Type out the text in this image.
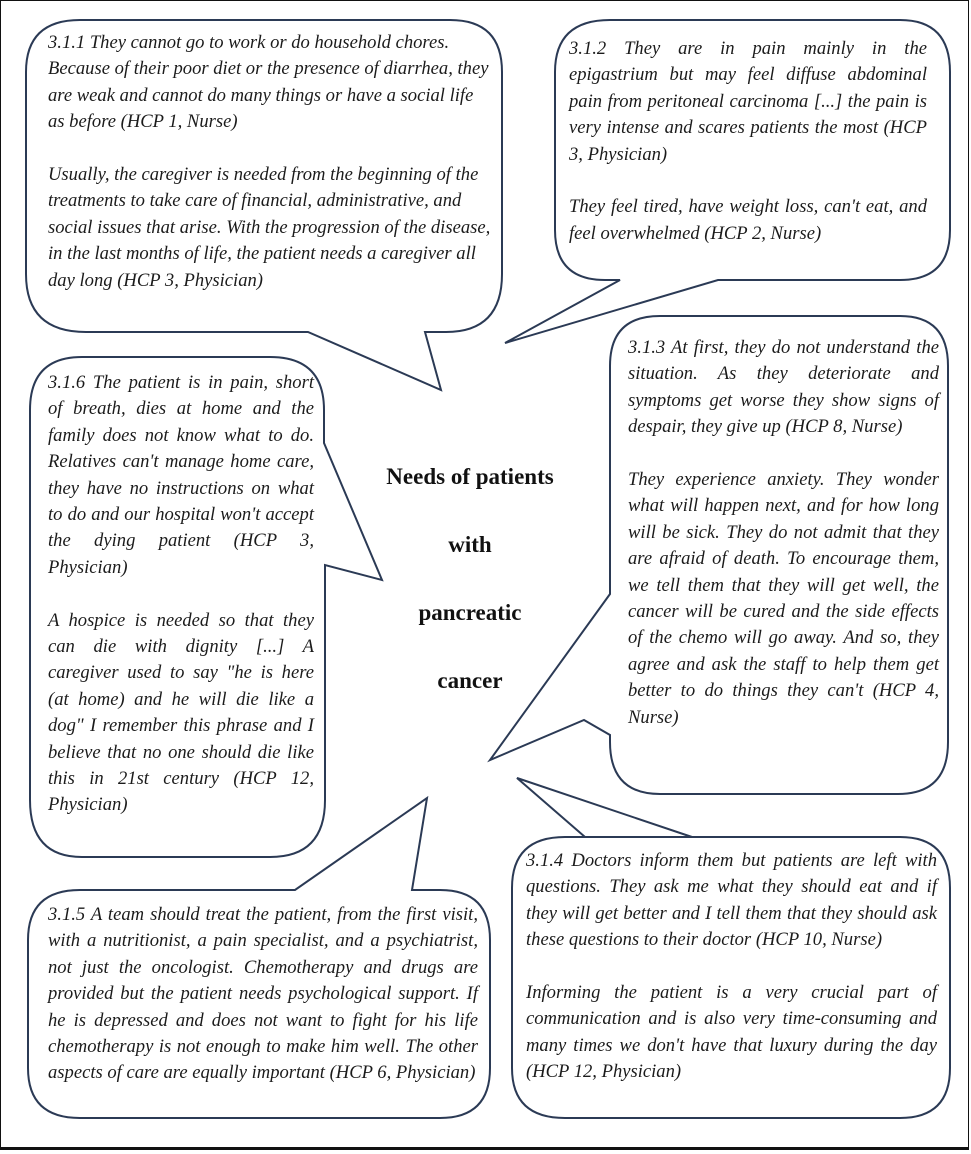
3.1.1 They cannot go to work or do household chores. Because of their poor diet or the presence of diarrhea, they are weak and cannot do many things or have a social life as before (HCP 1, Nurse)

Usually, the caregiver is needed from the beginning of the treatments to take care of financial, administrative, and social issues that arise. With the progression of the disease, in the last months of life, the patient needs a caregiver all day long (HCP 3, Physician)

3.1.2 They are in pain mainly in the epigastrium but may feel diffuse abdominal pain from peritoneal carcinoma [...] the pain is very intense and scares patients the most (HCP 3, Physician)

They feel tired, have weight loss, can't eat, and feel overwhelmed (HCP 2, Nurse)

3.1.3 At first, they do not understand the situation. As they deteriorate and symptoms get worse they show signs of despair, they give up (HCP 8, Nurse)

They experience anxiety. They wonder what will happen next, and for how long will be sick. They do not admit that they are afraid of death. To encourage them, we tell them that they will get well, the cancer will be cured and the side effects of the chemo will go away. And so, they agree and ask the staff to help them get better to do things they can't (HCP 4, Nurse)

3.1.4 Doctors inform them but patients are left with questions. They ask me what they should eat and if they will get better and I tell them that they should ask these questions to their doctor (HCP 10, Nurse)

Informing the patient is a very crucial part of communication and is also very time-consuming and many times we don't have that luxury during the day (HCP 12, Physician)

3.1.5 A team should treat the patient, from the first visit, with a nutritionist, a pain specialist, and a psychiatrist, not just the oncologist. Chemotherapy and drugs are provided but the patient needs psychological support. If he is depressed and does not want to fight for his life chemotherapy is not enough to make him well. The other aspects of care are equally important (HCP 6, Physician)

3.1.6 The patient is in pain, short of breath, dies at home and the family does not know what to do. Relatives can't manage home care, they have no instructions on what to do and our hospital won't accept the dying patient (HCP 3, Physician)

A hospice is needed so that they can die with dignity [...] A caregiver used to say "he is here (at home) and he will die like a dog" I remember this phrase and I believe that no one should die like this in 21st century (HCP 12, Physician)

Needs of patients
with
pancreatic
cancer
